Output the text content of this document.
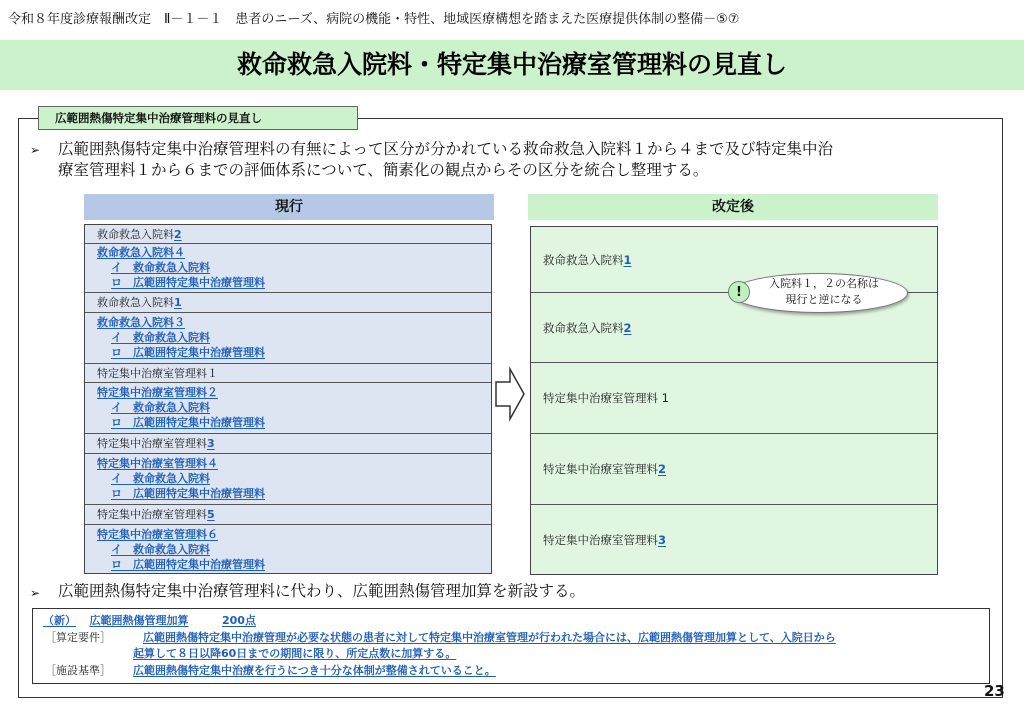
令和８年度診療報酬改定　Ⅱ－１－１　患者のニーズ、病院の機能・特性、地域医療構想を踏まえた医療提供体制の整備－⑤⑦
救命救急入院料・特定集中治療室管理料の見直し
広範囲熱傷特定集中治療管理料の見直し
➢ 広範囲熱傷特定集中治療管理料の有無によって区分が分かれている救命救急入院料１から４まで及び特定集中治
療室管理料１から６までの評価体系について、簡素化の観点からその区分を統合し整理する。
現行
救命救急入院料2
救命救急入院料４
イ　救命救急入院料
ロ　広範囲特定集中治療管理料
救命救急入院料1
救命救急入院料３
イ　救命救急入院料
ロ　広範囲特定集中治療管理料
特定集中治療室管理料１
特定集中治療室管理料２
イ　救命救急入院料
ロ　広範囲特定集中治療管理料
特定集中治療室管理料3
特定集中治療室管理料４
イ　救命救急入院料
ロ　広範囲特定集中治療管理料
特定集中治療室管理料5
特定集中治療室管理料６
イ　救命救急入院料
ロ　広範囲特定集中治療管理料
改定後
救命救急入院料 1
救命救急入院料 2
特定集中治療室管理料 1
特定集中治療室管理料 2
特定集中治療室管理料 3
入院料１，２の名称は
現行と逆になる
!
➢ 広範囲熱傷特定集中治療管理料に代わり、広範囲熱傷管理加算を新設する。
（新） 広範囲熱傷管理加算	200点
［算定要件］	広範囲熱傷特定集中治療管理が必要な状態の患者に対して特定集中治療室管理が行われた場合には、広範囲熱傷管理加算として、入院日から
起算して８日以降60日までの期間に限り、所定点数に加算する。
［施設基準］ 広範囲熱傷特定集中治療を行うにつき十分な体制が整備されていること。
23
